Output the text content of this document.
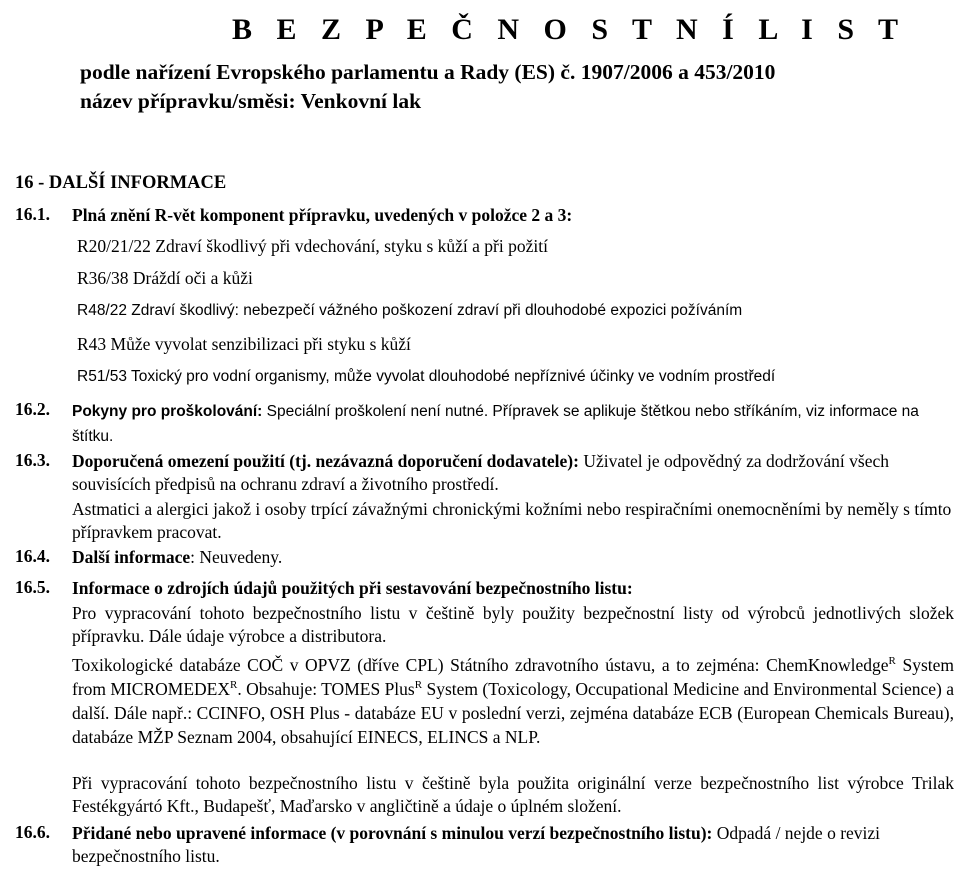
B E Z P E Č N O S T N Í L I S T
podle nařízení Evropského parlamentu a Rady (ES) č. 1907/2006 a 453/2010
název přípravku/směsi: Venkovní lak
16 - DALŠÍ INFORMACE
16.1. Plná znění R-vět komponent přípravku, uvedených v položce 2 a 3:
R20/21/22 Zdraví škodlivý při vdechování, styku s kůží a při požití
R36/38 Dráždí oči a kůži
R48/22 Zdraví škodlivý: nebezpečí vážného poškození zdraví při dlouhodobé expozici požíváním
R43 Může vyvolat senzibilizaci při styku s kůží
R51/53 Toxický pro vodní organismy, může vyvolat dlouhodobé nepříznivé účinky ve vodním prostředí
16.2. Pokyny pro proškolování: Speciální proškolení není nutné. Přípravek se aplikuje štětkou nebo stříkáním, viz informace na štítku.
16.3. Doporučená omezení použití (tj. nezávazná doporučení dodavatele): Uživatel je odpovědný za dodržování všech souvisících předpisů na ochranu zdraví a životního prostředí.
Astmatici a alergici jakož i osoby trpící závažnými chronickými kožními nebo respiračními onemocněními by neměly s tímto přípravkem pracovat.
16.4. Další informace: Neuvedeny.
16.5. Informace o zdrojích údajů použitých při sestavování bezpečnostního listu:
Pro vypracování tohoto bezpečnostního listu v češtině byly použity bezpečnostní listy od výrobců jednotlivých složek přípravku. Dále údaje výrobce a distributora.
Toxikologické databáze COČ v OPVZ (dříve CPL) Státního zdravotního ústavu, a to zejména: ChemKnowledge$^R$ System from $MICROMEDEX^R$. Obsahuje: TOMES Plus$^R$ System (Toxicology, Occupational Medicine and Environmental Science) a další. Dále např.: CCINFO, OSH Plus - databáze EU v poslední verzi, zejména databáze ECB (European Chemicals Bureau), databáze MŽP Seznam 2004, obsahující EINECS, ELINCS a NLP.
Při vypracování tohoto bezpečnostního listu v češtině byla použita originální verze bezpečnostního list výrobce Trilak Festékgyártó Kft., Budapešť, Maďarsko v angličtině a údaje o úplném složení.
16.6. Přidané nebo upravené informace (v porovnání s minulou verzí bezpečnostního listu): Odpadá / nejde o revizi bezpečnostního listu.
